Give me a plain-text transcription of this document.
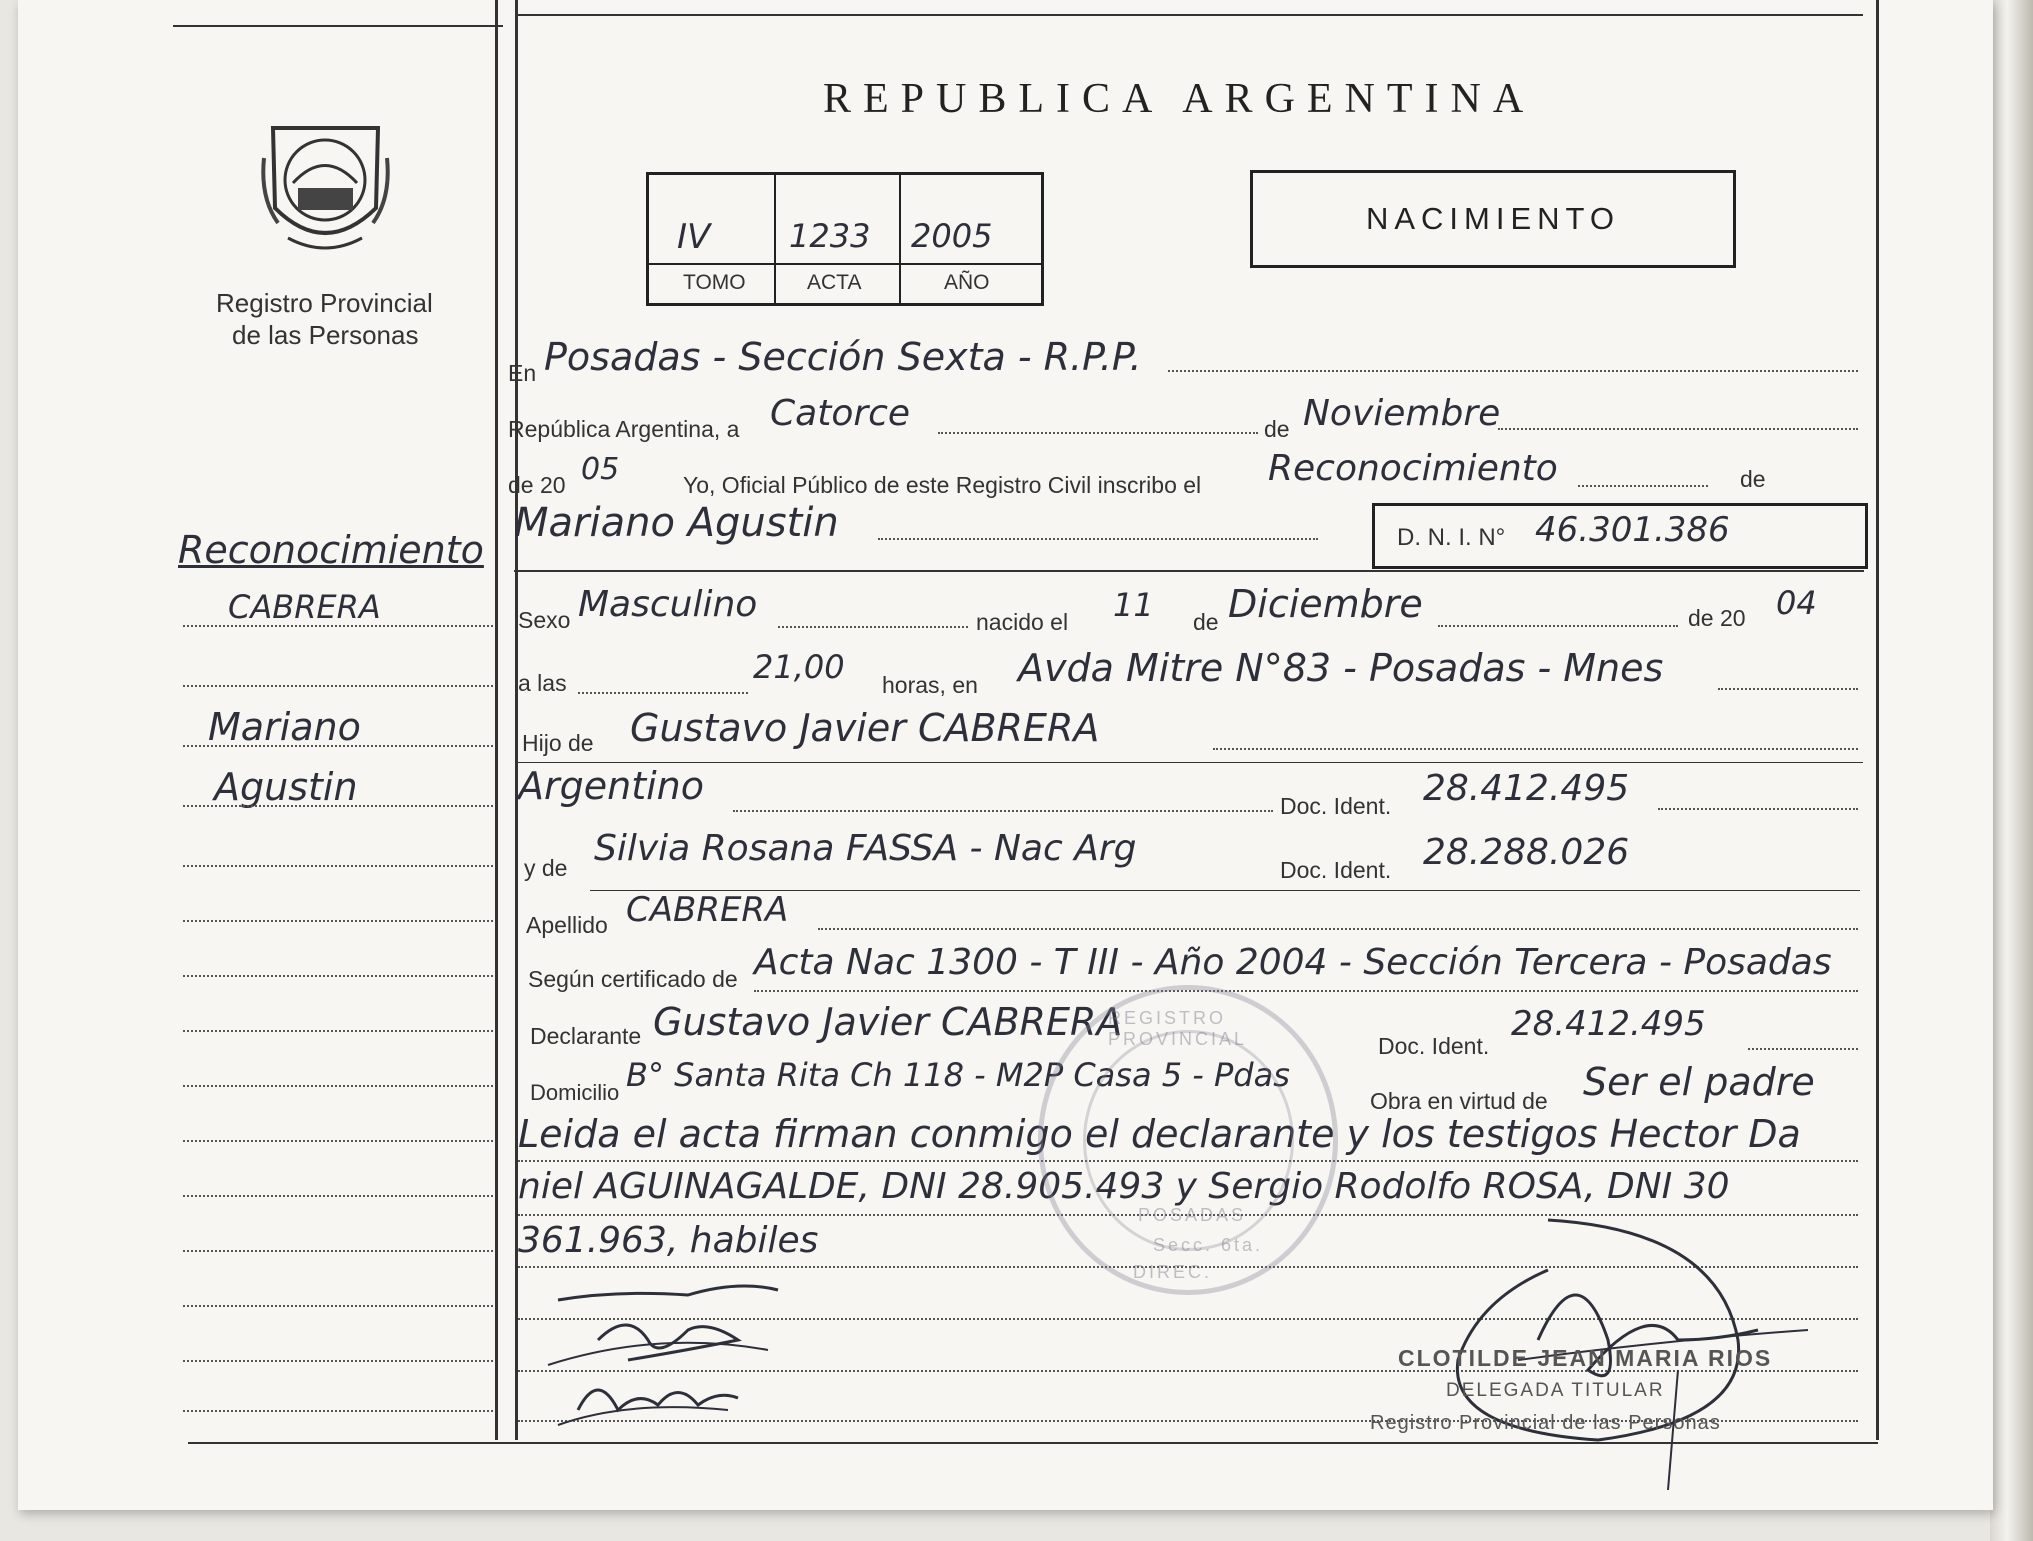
Registro Provincial
de las Personas
REPUBLICA ARGENTINA
IV 1233 2005
TOMO	ACTA	AÑO
NACIMIENTO
Reconocimiento
CABRERA
Mariano
Agustin
En Posadas - Sección Sexta - R.P.P.
República Argentina, a Catorce	de Noviembre
de 20 05	Yo, Oficial Público de este Registro Civil inscribo el Reconocimiento	de
Mariano Agustin	D. N. I. N° 46.301.386
Sexo Masculino	nacido el 11 de Diciembre	de 20 04
a las	21,00 horas, en Avda Mitre N°83 - Posadas - Mnes
Hijo de Gustavo Javier CABRERA
Argentino	Doc. Ident. 28.412.495
y de Silvia Rosana FASSA - Nac Arg
Doc. Ident. 28.288.026
Apellido CABRERA
Según certificado de Acta Nac 1300 - T III - Año 2004 - Sección Tercera - Posadas
Declarante Gustavo Javier CABRERA
Doc. Ident.
28.412.495
Domicilio B° Santa Rita Ch 118 - M2P Casa 5 - Pdas
Obra en virtud de Ser el padre
Leida el acta firman conmigo el declarante y los testigos Hector Da
niel AGUINAGALDE, DNI 28.905.493 y Sergio Rodolfo ROSA, DNI 30
361.963, habiles
REGISTRO PROVINCIAL
POSADAS
Secc. 6ta.
DIREC.
CLOTILDE JEAN MARIA RIOS
DELEGADA TITULAR
Registro Provincial de las Personas
